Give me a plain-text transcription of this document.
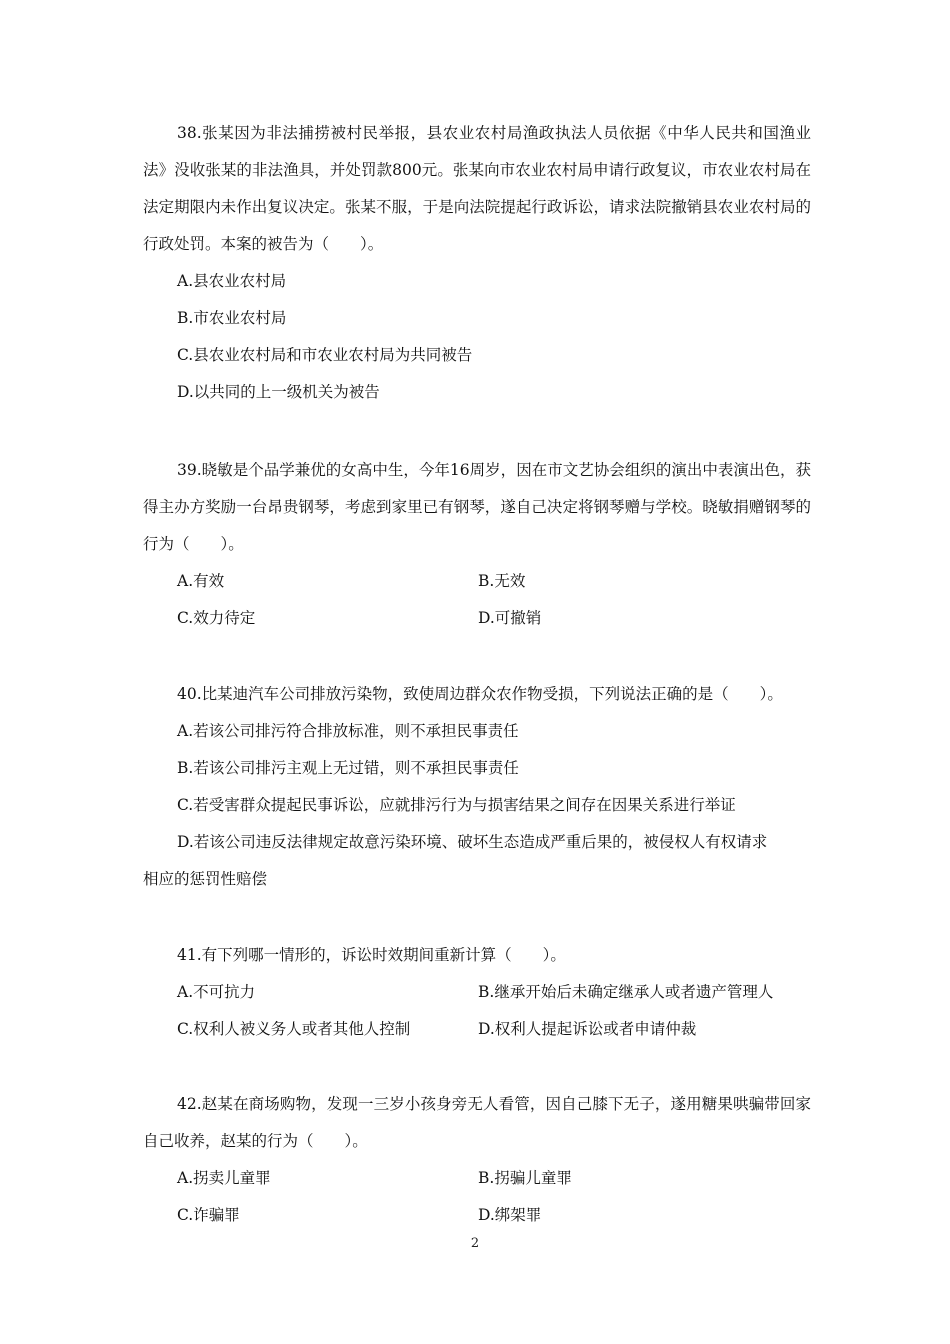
38.张某因为非法捕捞被村民举报，县农业农村局渔政执法人员依据《中华人民共和国渔业法》没收张某的非法渔具，并处罚款800元。张某向市农业农村局申请行政复议，市农业农村局在法定期限内未作出复议决定。张某不服，于是向法院提起行政诉讼，请求法院撤销县农业农村局的行政处罚。本案的被告为（　　）。

A.县农业农村局
B.市农业农村局
C.县农业农村局和市农业农村局为共同被告
D.以共同的上一级机关为被告

39.晓敏是个品学兼优的女高中生，今年16周岁，因在市文艺协会组织的演出中表演出色，获得主办方奖励一台昂贵钢琴，考虑到家里已有钢琴，遂自己决定将钢琴赠与学校。晓敏捐赠钢琴的行为（　　）。

A.有效	B.无效
C.效力待定	D.可撤销

40.比某迪汽车公司排放污染物，致使周边群众农作物受损，下列说法正确的是（　　）。

A.若该公司排污符合排放标准，则不承担民事责任
B.若该公司排污主观上无过错，则不承担民事责任
C.若受害群众提起民事诉讼，应就排污行为与损害结果之间存在因果关系进行举证
D.若该公司违反法律规定故意污染环境、破坏生态造成严重后果的，被侵权人有权请求
相应的惩罚性赔偿

41.有下列哪一情形的，诉讼时效期间重新计算（　　）。

A.不可抗力	B.继承开始后未确定继承人或者遗产管理人
C.权利人被义务人或者其他人控制	D.权利人提起诉讼或者申请仲裁

42.赵某在商场购物，发现一三岁小孩身旁无人看管，因自己膝下无子，遂用糖果哄骗带回家自己收养，赵某的行为（　　）。

A.拐卖儿童罪	B.拐骗儿童罪
C.诈骗罪	D.绑架罪
2
